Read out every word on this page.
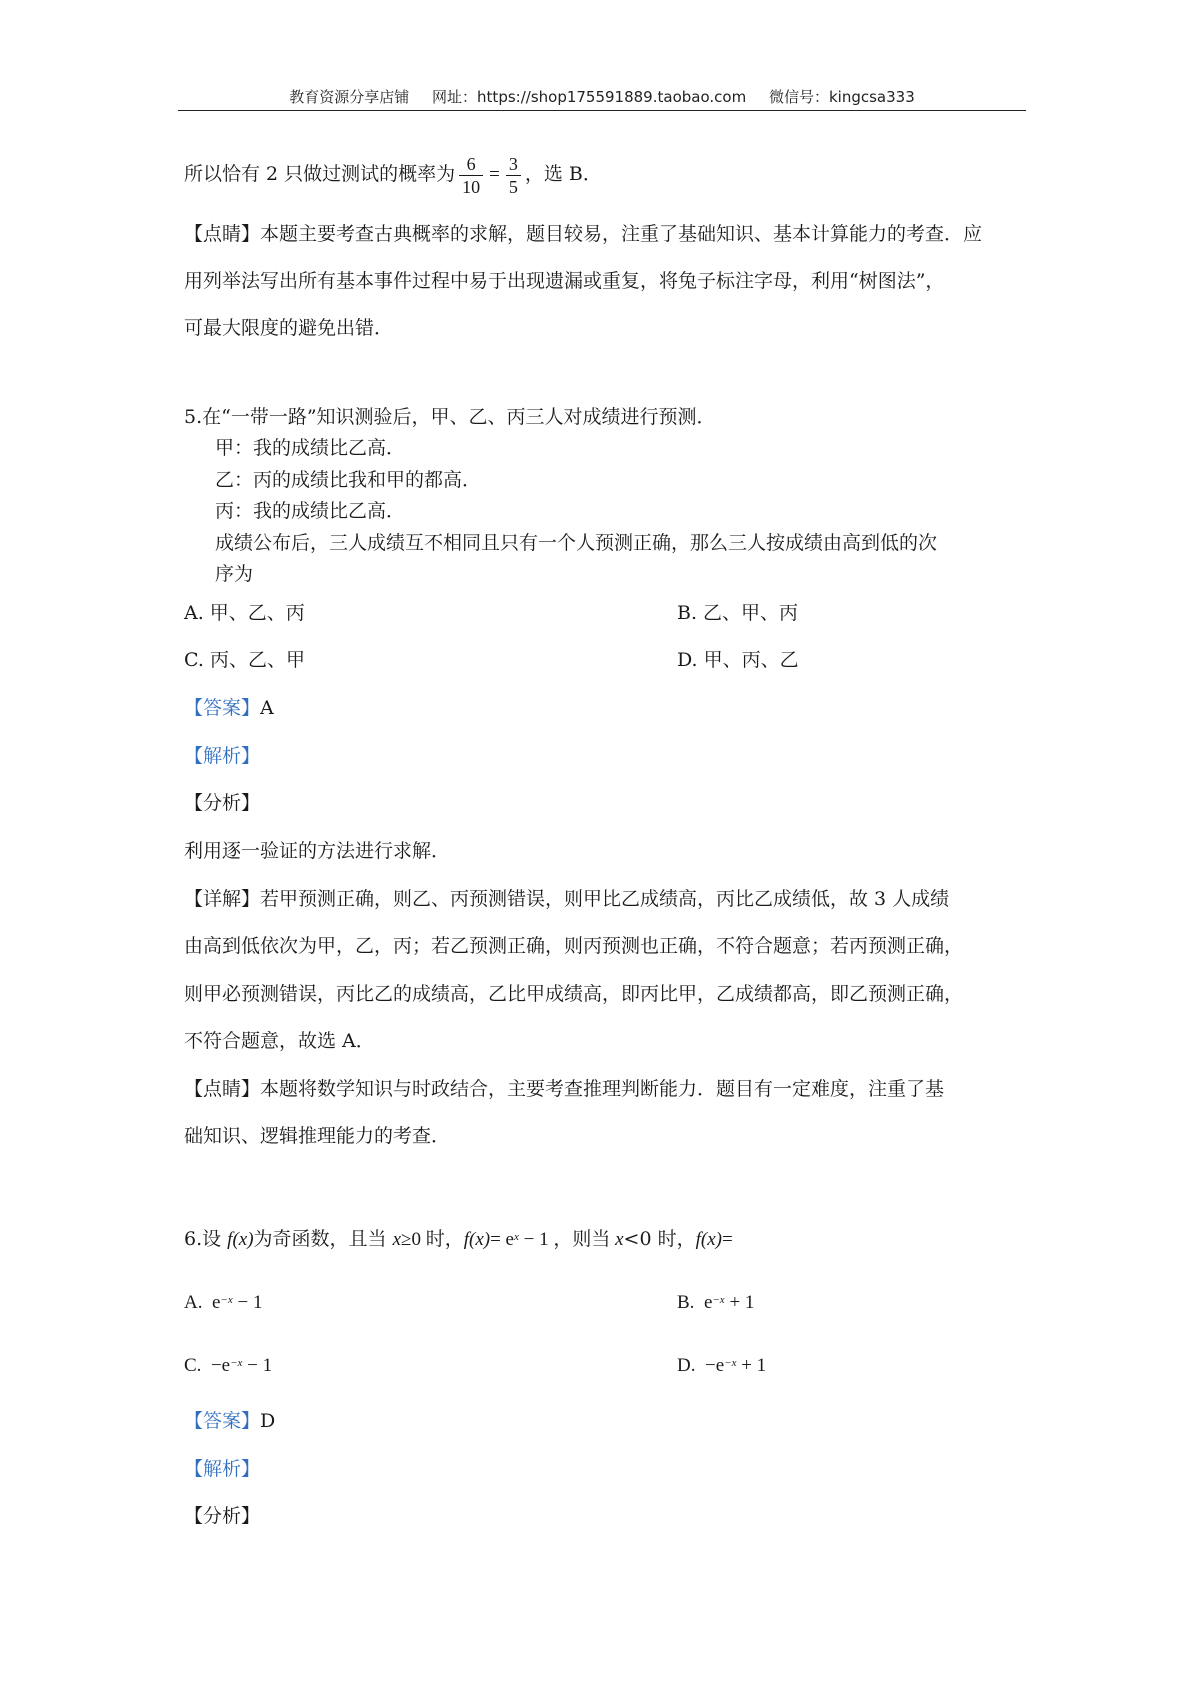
教育资源分享店铺 网址：https://shop175591889.taobao.com 微信号：kingcsa333
所以恰有 2 只做过测试的概率为 $\frac{6}{10} = \frac{3}{5}$ ，选 B．
【点睛】本题主要考查古典概率的求解，题目较易，注重了基础知识、基本计算能力的考查．应
用列举法写出所有基本事件过程中易于出现遗漏或重复，将兔子标注字母，利用“树图法”，
可最大限度的避免出错．
5.在“一带一路”知识测验后，甲、乙、丙三人对成绩进行预测．
甲：我的成绩比乙高．
乙：丙的成绩比我和甲的都高．
丙：我的成绩比乙高．
成绩公布后，三人成绩互不相同且只有一个人预测正确，那么三人按成绩由高到低的次
序为
A. 甲、乙、丙	B. 乙、甲、丙
C. 丙、乙、甲	D. 甲、丙、乙
【答案】A
【解析】
【分析】
利用逐一验证的方法进行求解．
【详解】若甲预测正确，则乙、丙预测错误，则甲比乙成绩高，丙比乙成绩低，故 3 人成绩
由高到低依次为甲，乙，丙；若乙预测正确，则丙预测也正确，不符合题意；若丙预测正确，
则甲必预测错误，丙比乙的成绩高，乙比甲成绩高，即丙比甲，乙成绩都高，即乙预测正确，
不符合题意，故选 A．
【点睛】本题将数学知识与时政结合，主要考查推理判断能力．题目有一定难度，注重了基
础知识、逻辑推理能力的考查．
6.设 f(x)为奇函数，且当 x≥0 时，$f(x)= e^x - 1$ ，则当 x<0 时，f(x)=
A. $e^{-x} - 1$	B. $e^{-x} + 1$
C. $-e^{-x} - 1$	D. $-e^{-x} + 1$
【答案】D
【解析】
【分析】
